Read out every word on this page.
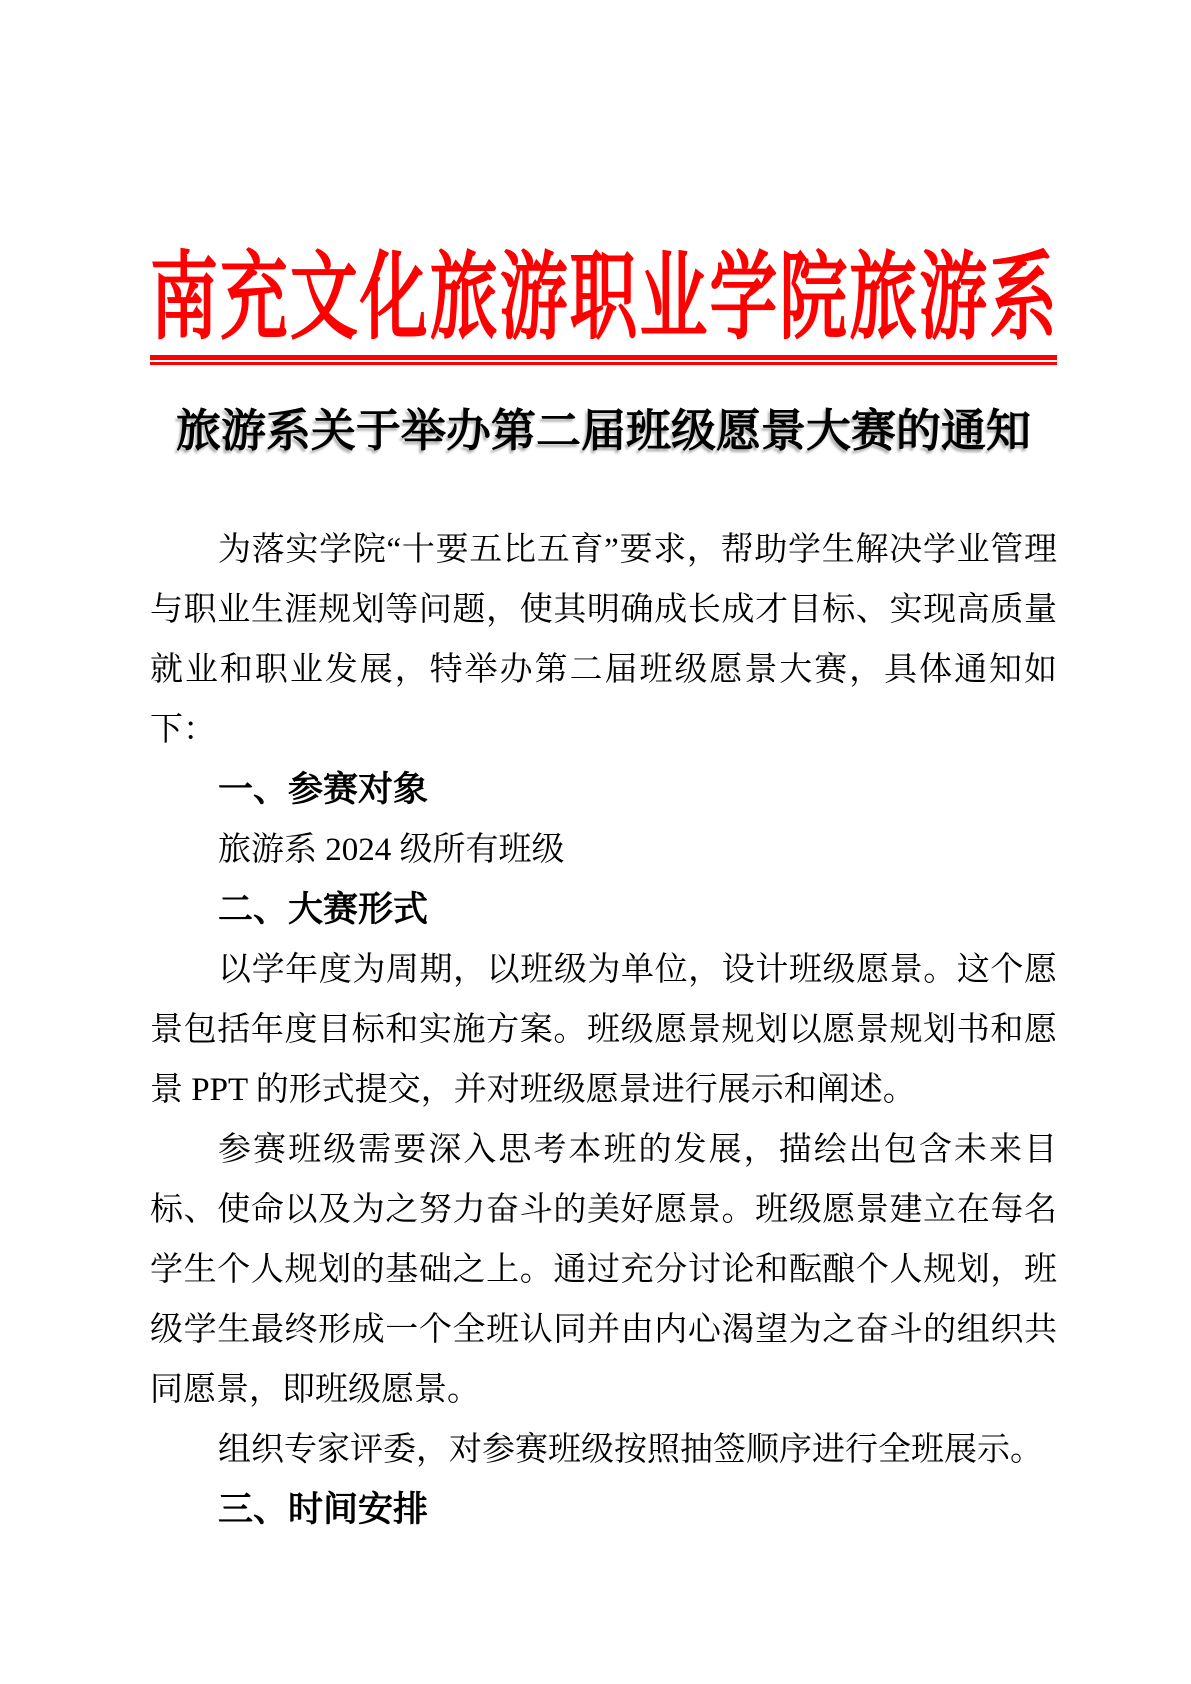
南充文化旅游职业学院旅游系
旅游系关于举办第二届班级愿景大赛的通知
为落实学院“十要五比五育”要求，帮助学生解决学业管理与职业生涯规划等问题，使其明确成长成才目标、实现高质量就业和职业发展，特举办第二届班级愿景大赛，具体通知如下：
一、参赛对象
旅游系 2024 级所有班级
二、大赛形式
以学年度为周期，以班级为单位，设计班级愿景。这个愿景包括年度目标和实施方案。班级愿景规划以愿景规划书和愿景 PPT 的形式提交，并对班级愿景进行展示和阐述。
参赛班级需要深入思考本班的发展，描绘出包含未来目标、使命以及为之努力奋斗的美好愿景。班级愿景建立在每名学生个人规划的基础之上。通过充分讨论和酝酿个人规划，班级学生最终形成一个全班认同并由内心渴望为之奋斗的组织共同愿景，即班级愿景。
组织专家评委，对参赛班级按照抽签顺序进行全班展示。
三、时间安排
